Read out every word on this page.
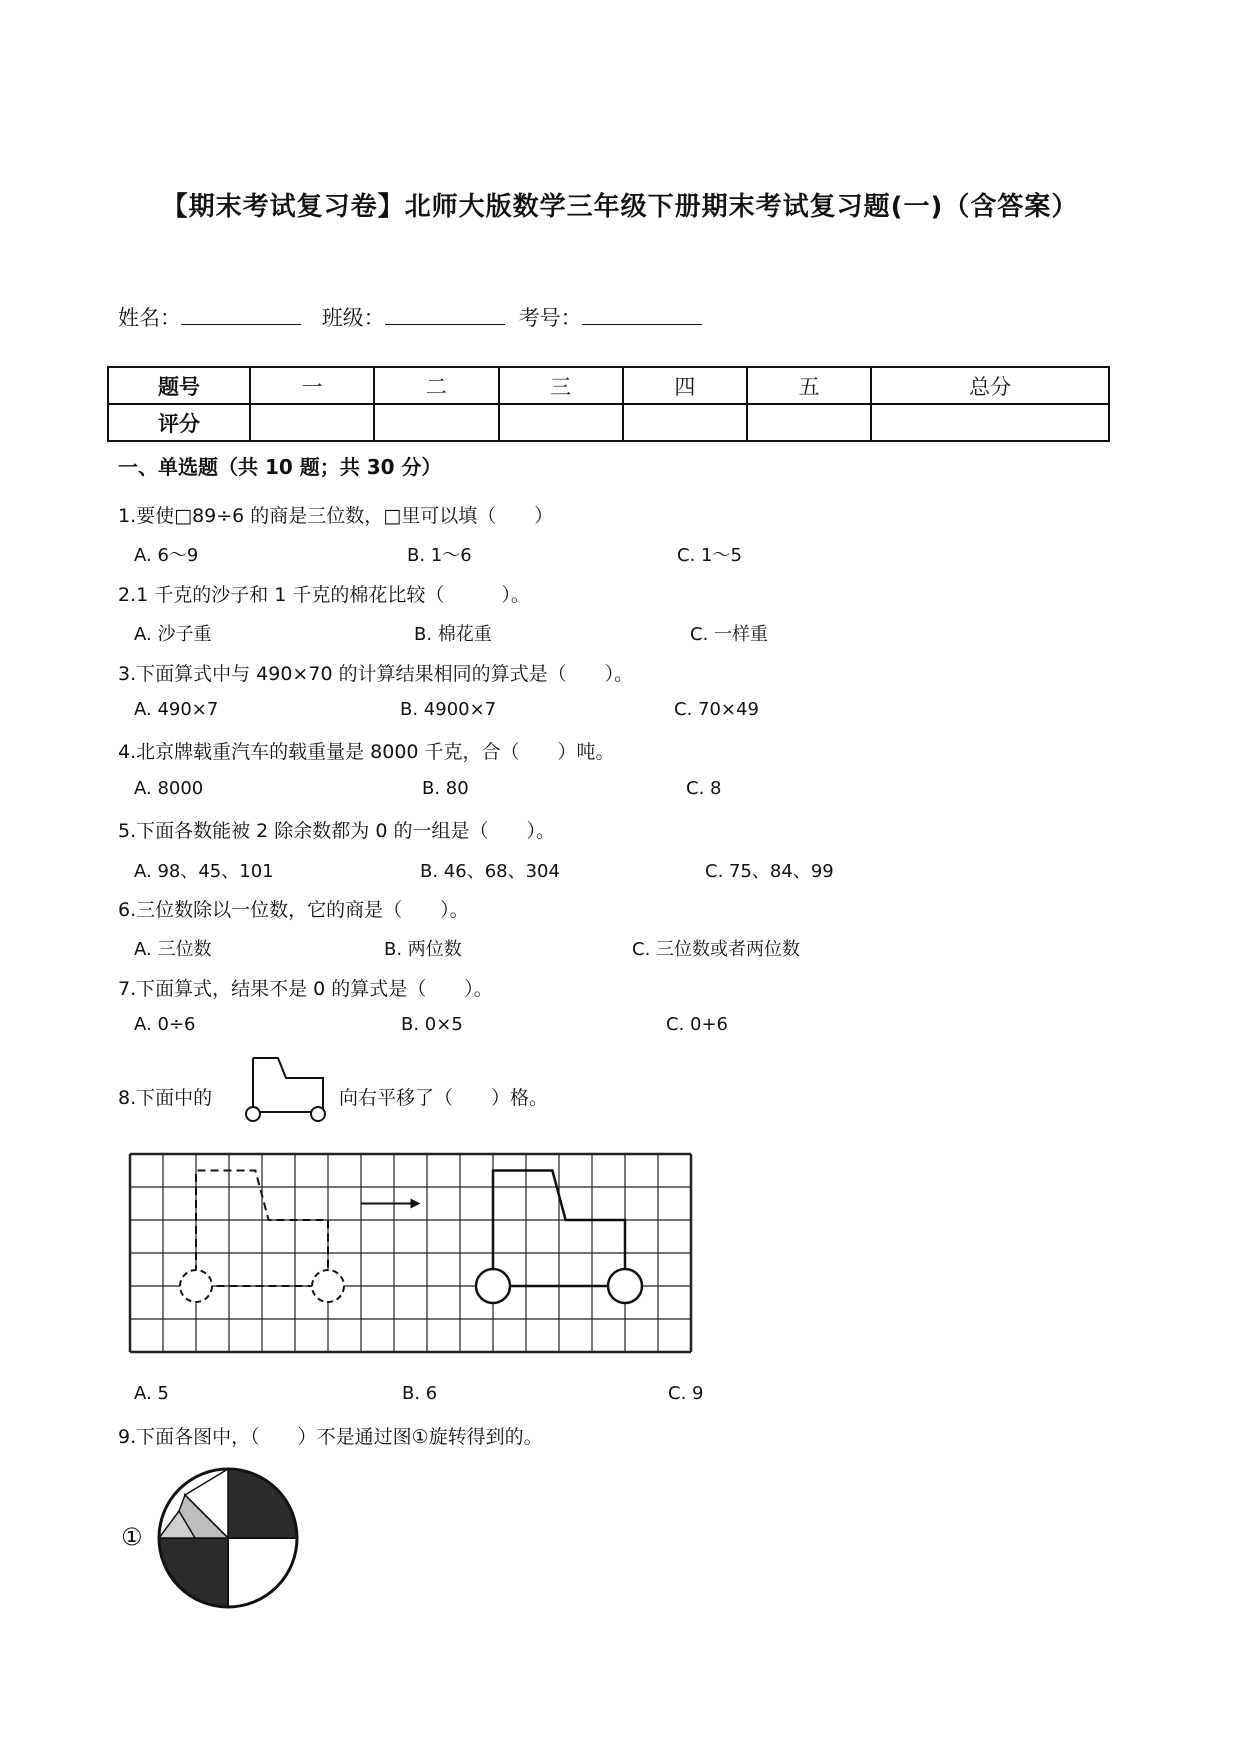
【期末考试复习卷】北师大版数学三年级下册期末考试复习题(一)（含答案）
姓名：	班级：	考号：
题号	一	二	三	四	五	总分
评分						
一、单选题（共 10 题；共 30 分）
1.要使□89÷6 的商是三位数，□里可以填（　　）
A. 6～9	B. 1～6	C. 1～5
2.1 千克的沙子和 1 千克的棉花比较（　　　）。
A. 沙子重	B. 棉花重	C. 一样重
3.下面算式中与 490×70 的计算结果相同的算式是（　　）。
A. 490×7	B. 4900×7	C. 70×49
4.北京牌载重汽车的载重量是 8000 千克，合（　　）吨。
A. 8000	B. 80	C. 8
5.下面各数能被 2 除余数都为 0 的一组是（　　）。
A. 98、45、101	B. 46、68、304	C. 75、84、99
6.三位数除以一位数，它的商是（　　）。
A. 三位数	B. 两位数	C. 三位数或者两位数
7.下面算式，结果不是 0 的算式是（　　）。
A. 0÷6	B. 0×5	C. 0+6
8.下面中的	向右平移了（　　）格。
A. 5	B. 6	C. 9
9.下面各图中，（　　）不是通过图①旋转得到的。
①
